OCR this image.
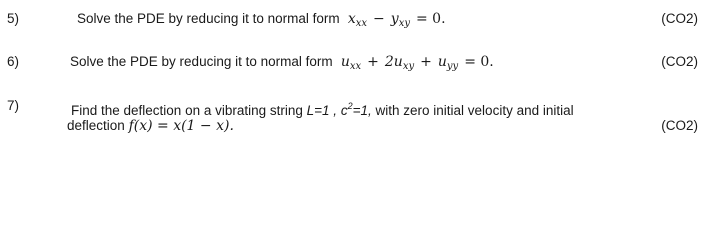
5)	Solve the PDE by reducing it to normal form $x_{xx} - y_{xy} = 0$.	(CO2)
6)	Solve the PDE by reducing it to normal form $u_{xx} + 2u_{xy} + u_{yy} = 0$.	(CO2)
7)	Find the deflection on a vibrating string L=1 , $c^2=1$, with zero initial velocity and initial
deflection f(x) = x(1 − x).	(CO2)
